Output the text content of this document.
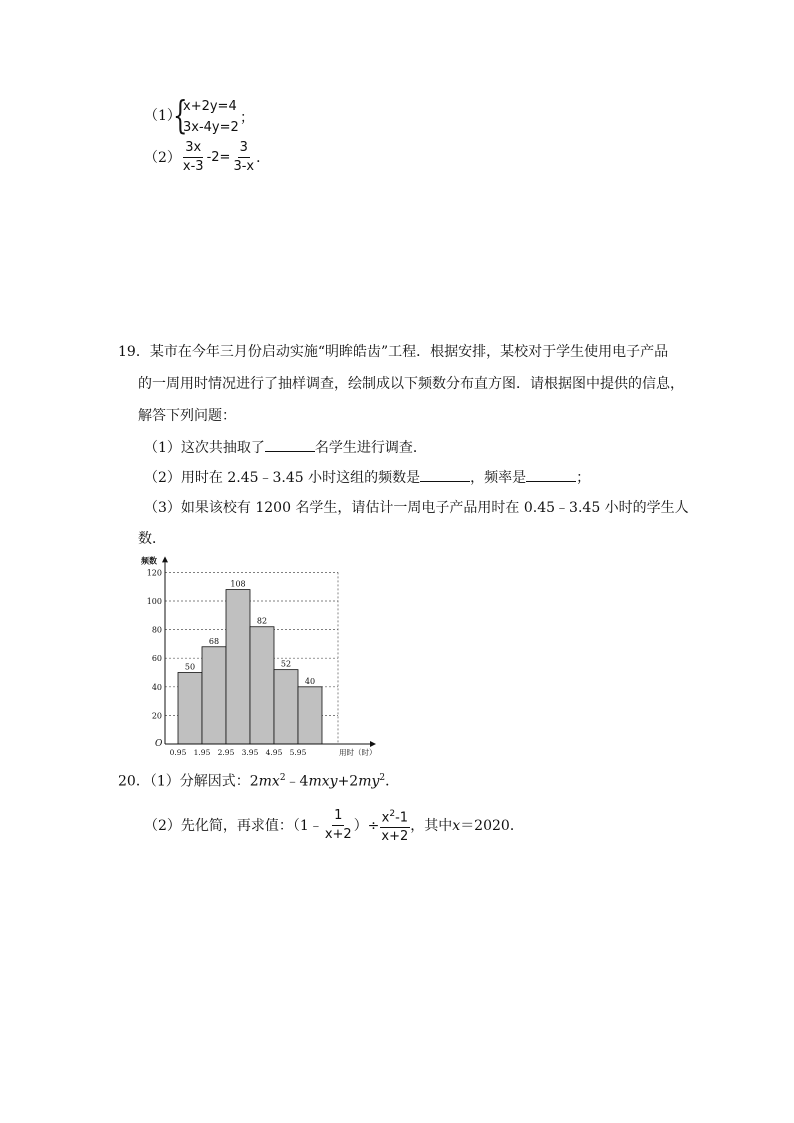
（1）
{
x+2y=4
3x-4y=2
；
$(2) \frac{3x}{x-3} -2= \frac{3}{3-x}$ ．
19．某市在今年三月份启动实施“明眸皓齿”工程．根据安排，某校对于学生使用电子产品
的一周用时情况进行了抽样调查，绘制成以下频数分布直方图．请根据图中提供的信息，
解答下列问题：
（1）这次共抽取了	名学生进行调查．
（2）用时在 2.45﹣3.45 小时这组的频数是	，频率是	；
（3）如果该校有 1200 名学生，请估计一周电子产品用时在 0.45﹣3.45 小时的学生人
数．
20
40
60
80
100
120
50
68
108
82
52
40
0.95 1.95 2.95 3.95 4.95 5.95
频数
用时（时）
O
20．（1）分解因式：$2mx^2﹣4mxy+2my^2$．
（2）先化简，再求值：（1﹣ $\frac{1}{x+2}$ ）÷ $\frac{x^2-1}{x+2}$ ，其中 x ＝2020．
